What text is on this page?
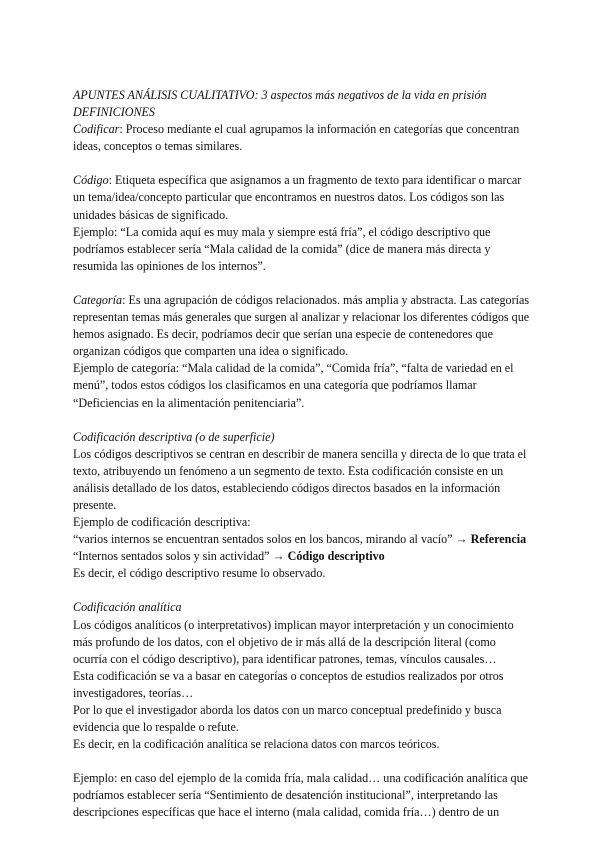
APUNTES ANÁLISIS CUALITATIVO: 3 aspectos más negativos de la vida en prisión

DEFINICIONES

Codificar: Proceso mediante el cual agrupamos la información en categorías que concentran ideas, conceptos o temas similares.

Código: Etiqueta específica que asignamos a un fragmento de texto para identificar o marcar un tema/idea/concepto particular que encontramos en nuestros datos. Los códigos son las unidades básicas de significado.

Ejemplo: “La comida aquí es muy mala y siempre está fría”, el código descriptivo que podríamos establecer sería “Mala calidad de la comida” (dice de manera más directa y resumida las opiniones de los internos”.

Categoría: Es una agrupación de códigos relacionados. más amplia y abstracta. Las categorías representan temas más generales que surgen al analizar y relacionar los diferentes códigos que hemos asignado. Es decir, podríamos decir que serían una especie de contenedores que organizan códigos que comparten una idea o significado.

Ejemplo de categoría: “Mala calidad de la comida”, “Comida fría”, “falta de variedad en el menú”, todos estos códigos los clasificamos en una categoría que podríamos llamar “Deficiencias en la alimentación penitenciaria”.

Codificación descriptiva (o de superficie)

Los códigos descriptivos se centran en describir de manera sencilla y directa de lo que trata el texto, atribuyendo un fenómeno a un segmento de texto. Esta codificación consiste en un análisis detallado de los datos, estableciendo códigos directos basados en la información presente.

Ejemplo de codificación descriptiva:

“varios internos se encuentran sentados solos en los bancos, mirando al vacío” → Referencia

“Internos sentados solos y sin actividad” → Código descriptivo

Es decir, el código descriptivo resume lo observado.

Codificación analítica

Los códigos analíticos (o interpretativos) implican mayor interpretación y un conocimiento más profundo de los datos, con el objetivo de ir más allá de la descripción literal (como ocurría con el código descriptivo), para identificar patrones, temas, vínculos causales…

Esta codificación se va a basar en categorías o conceptos de estudios realizados por otros investigadores, teorías…

Por lo que el investigador aborda los datos con un marco conceptual predefinido y busca evidencia que lo respalde o refute.

Es decir, en la codificación analítica se relaciona datos con marcos teóricos.

Ejemplo: en caso del ejemplo de la comida fría, mala calidad… una codificación analítica que podríamos establecer sería “Sentimiento de desatención institucional”, interpretando las descripciones específicas que hace el interno (mala calidad, comida fría…) dentro de un
